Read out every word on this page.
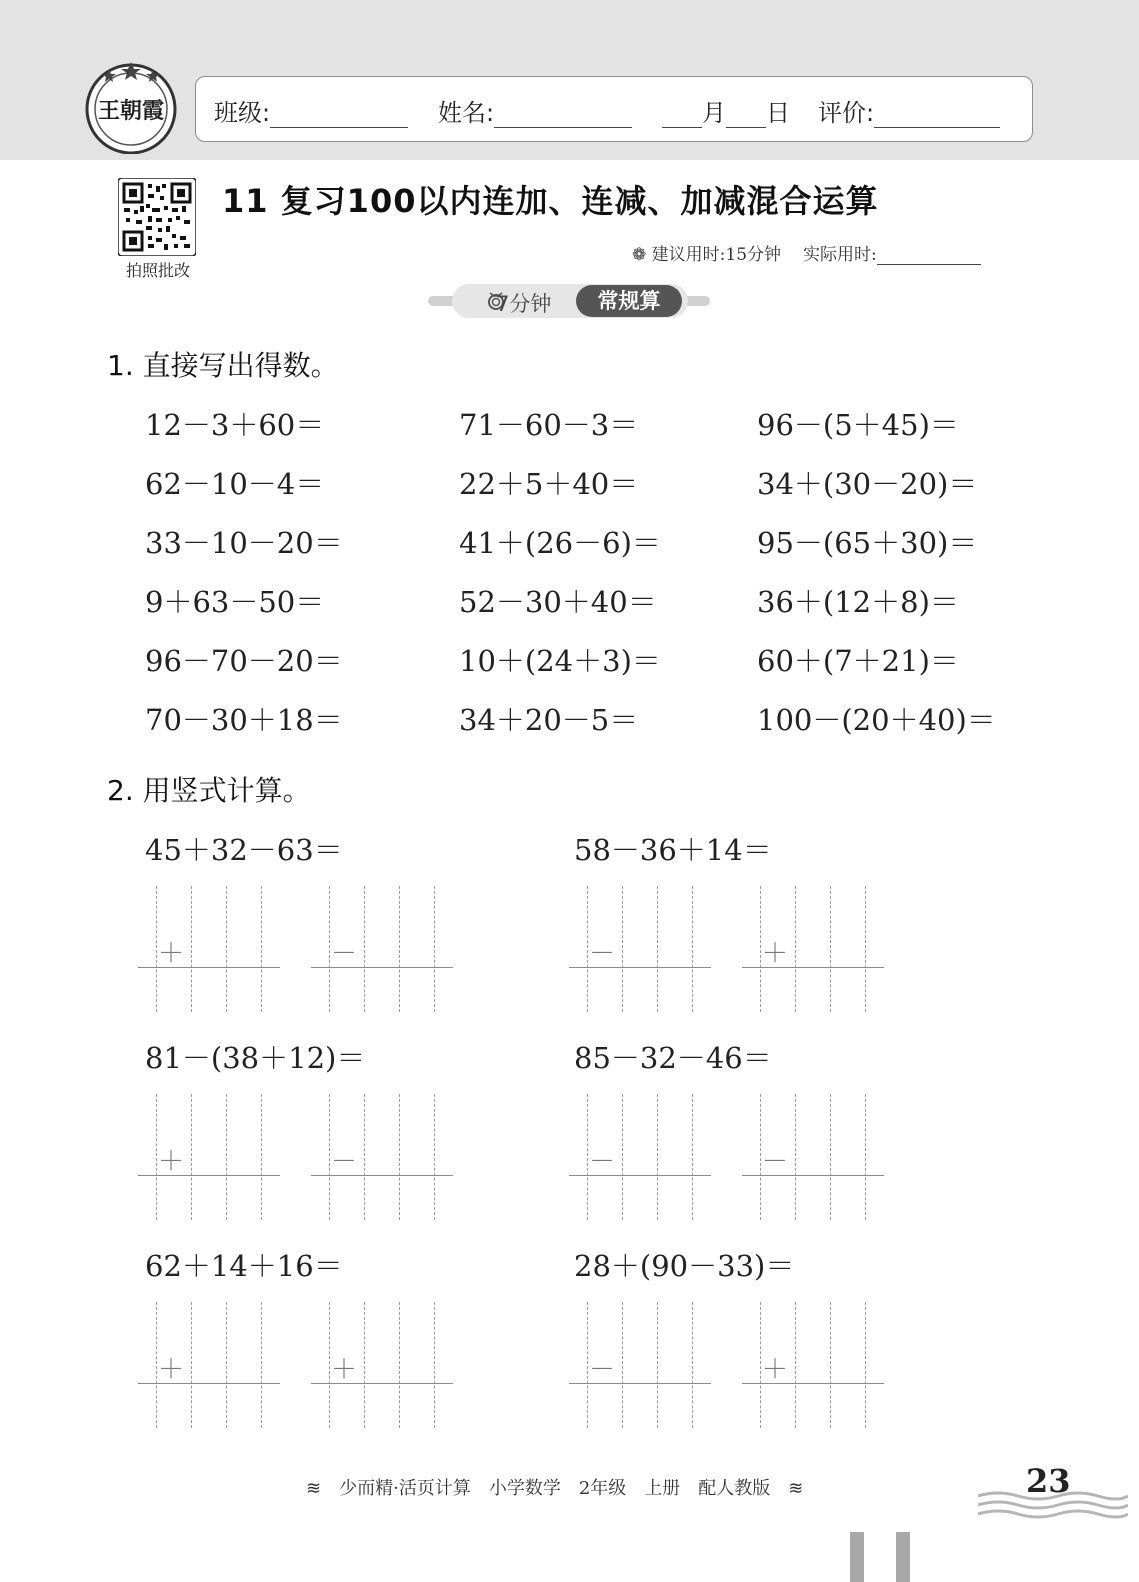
王朝霞 班级:	姓名:	月 日 评价:
拍照批改
11 复习100以内连加、连减、加减混合运算
❁ 建议用时:15分钟 实际用时:
7分钟	常规算
1. 直接写出得数。
12－3＋60＝	71－60－3＝	96－(5＋45)＝
62－10－4＝	22＋5＋40＝	34＋(30－20)＝
33－10－20＝	41＋(26－6)＝	95－(65＋30)＝
9＋63－50＝	52－30＋40＝	36＋(12＋8)＝
96－70－20＝	10＋(24＋3)＝	60＋(7＋21)＝
70－30＋18＝	34＋20－5＝	100－(20＋40)＝
2. 用竖式计算。
45＋32－63＝
＋	－
58－36＋14＝
－	＋
81－(38＋12)＝
＋	－
85－32－46＝
－	－
62＋14＋16＝
＋	＋
28＋(90－33)＝
－	＋
≋ 少而精·活页计算 小学数学 2年级 上册 配人教版 ≋	23
